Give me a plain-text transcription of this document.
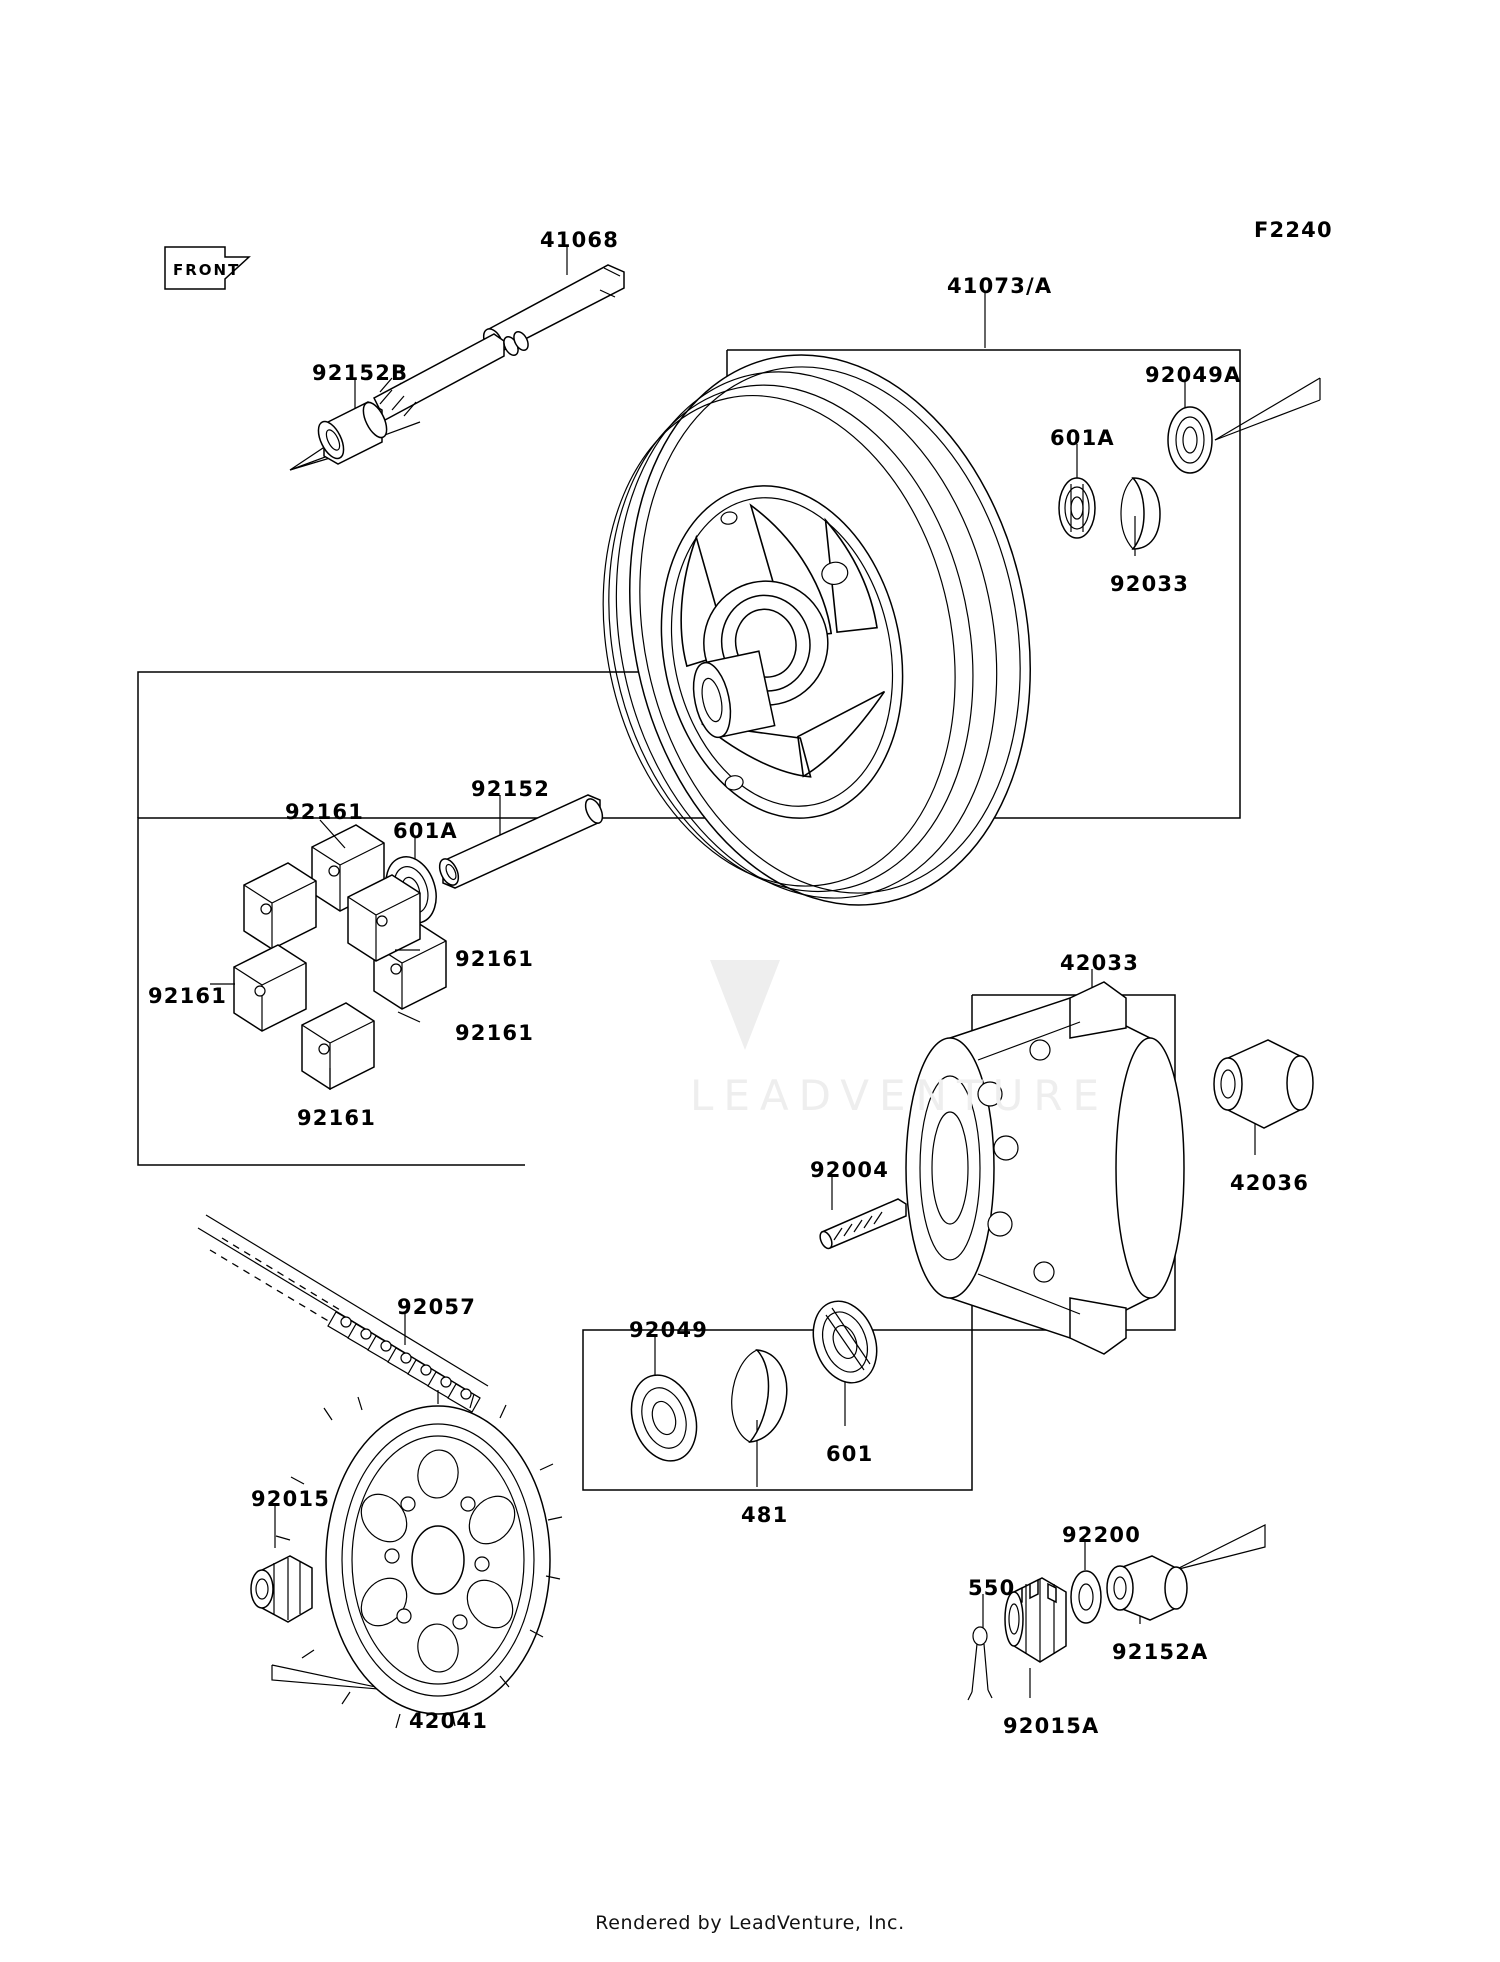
FRONT
LEADVENTURE
F2240
41068
41073/A
92049A
601A
92152B
92033
92152
92161
601A
92161
92161
92161
92161
42033
92004
42036
92057
92049
601
481
92015
92200
550
92152A
92015A
42041
Rendered by LeadVenture, Inc.
